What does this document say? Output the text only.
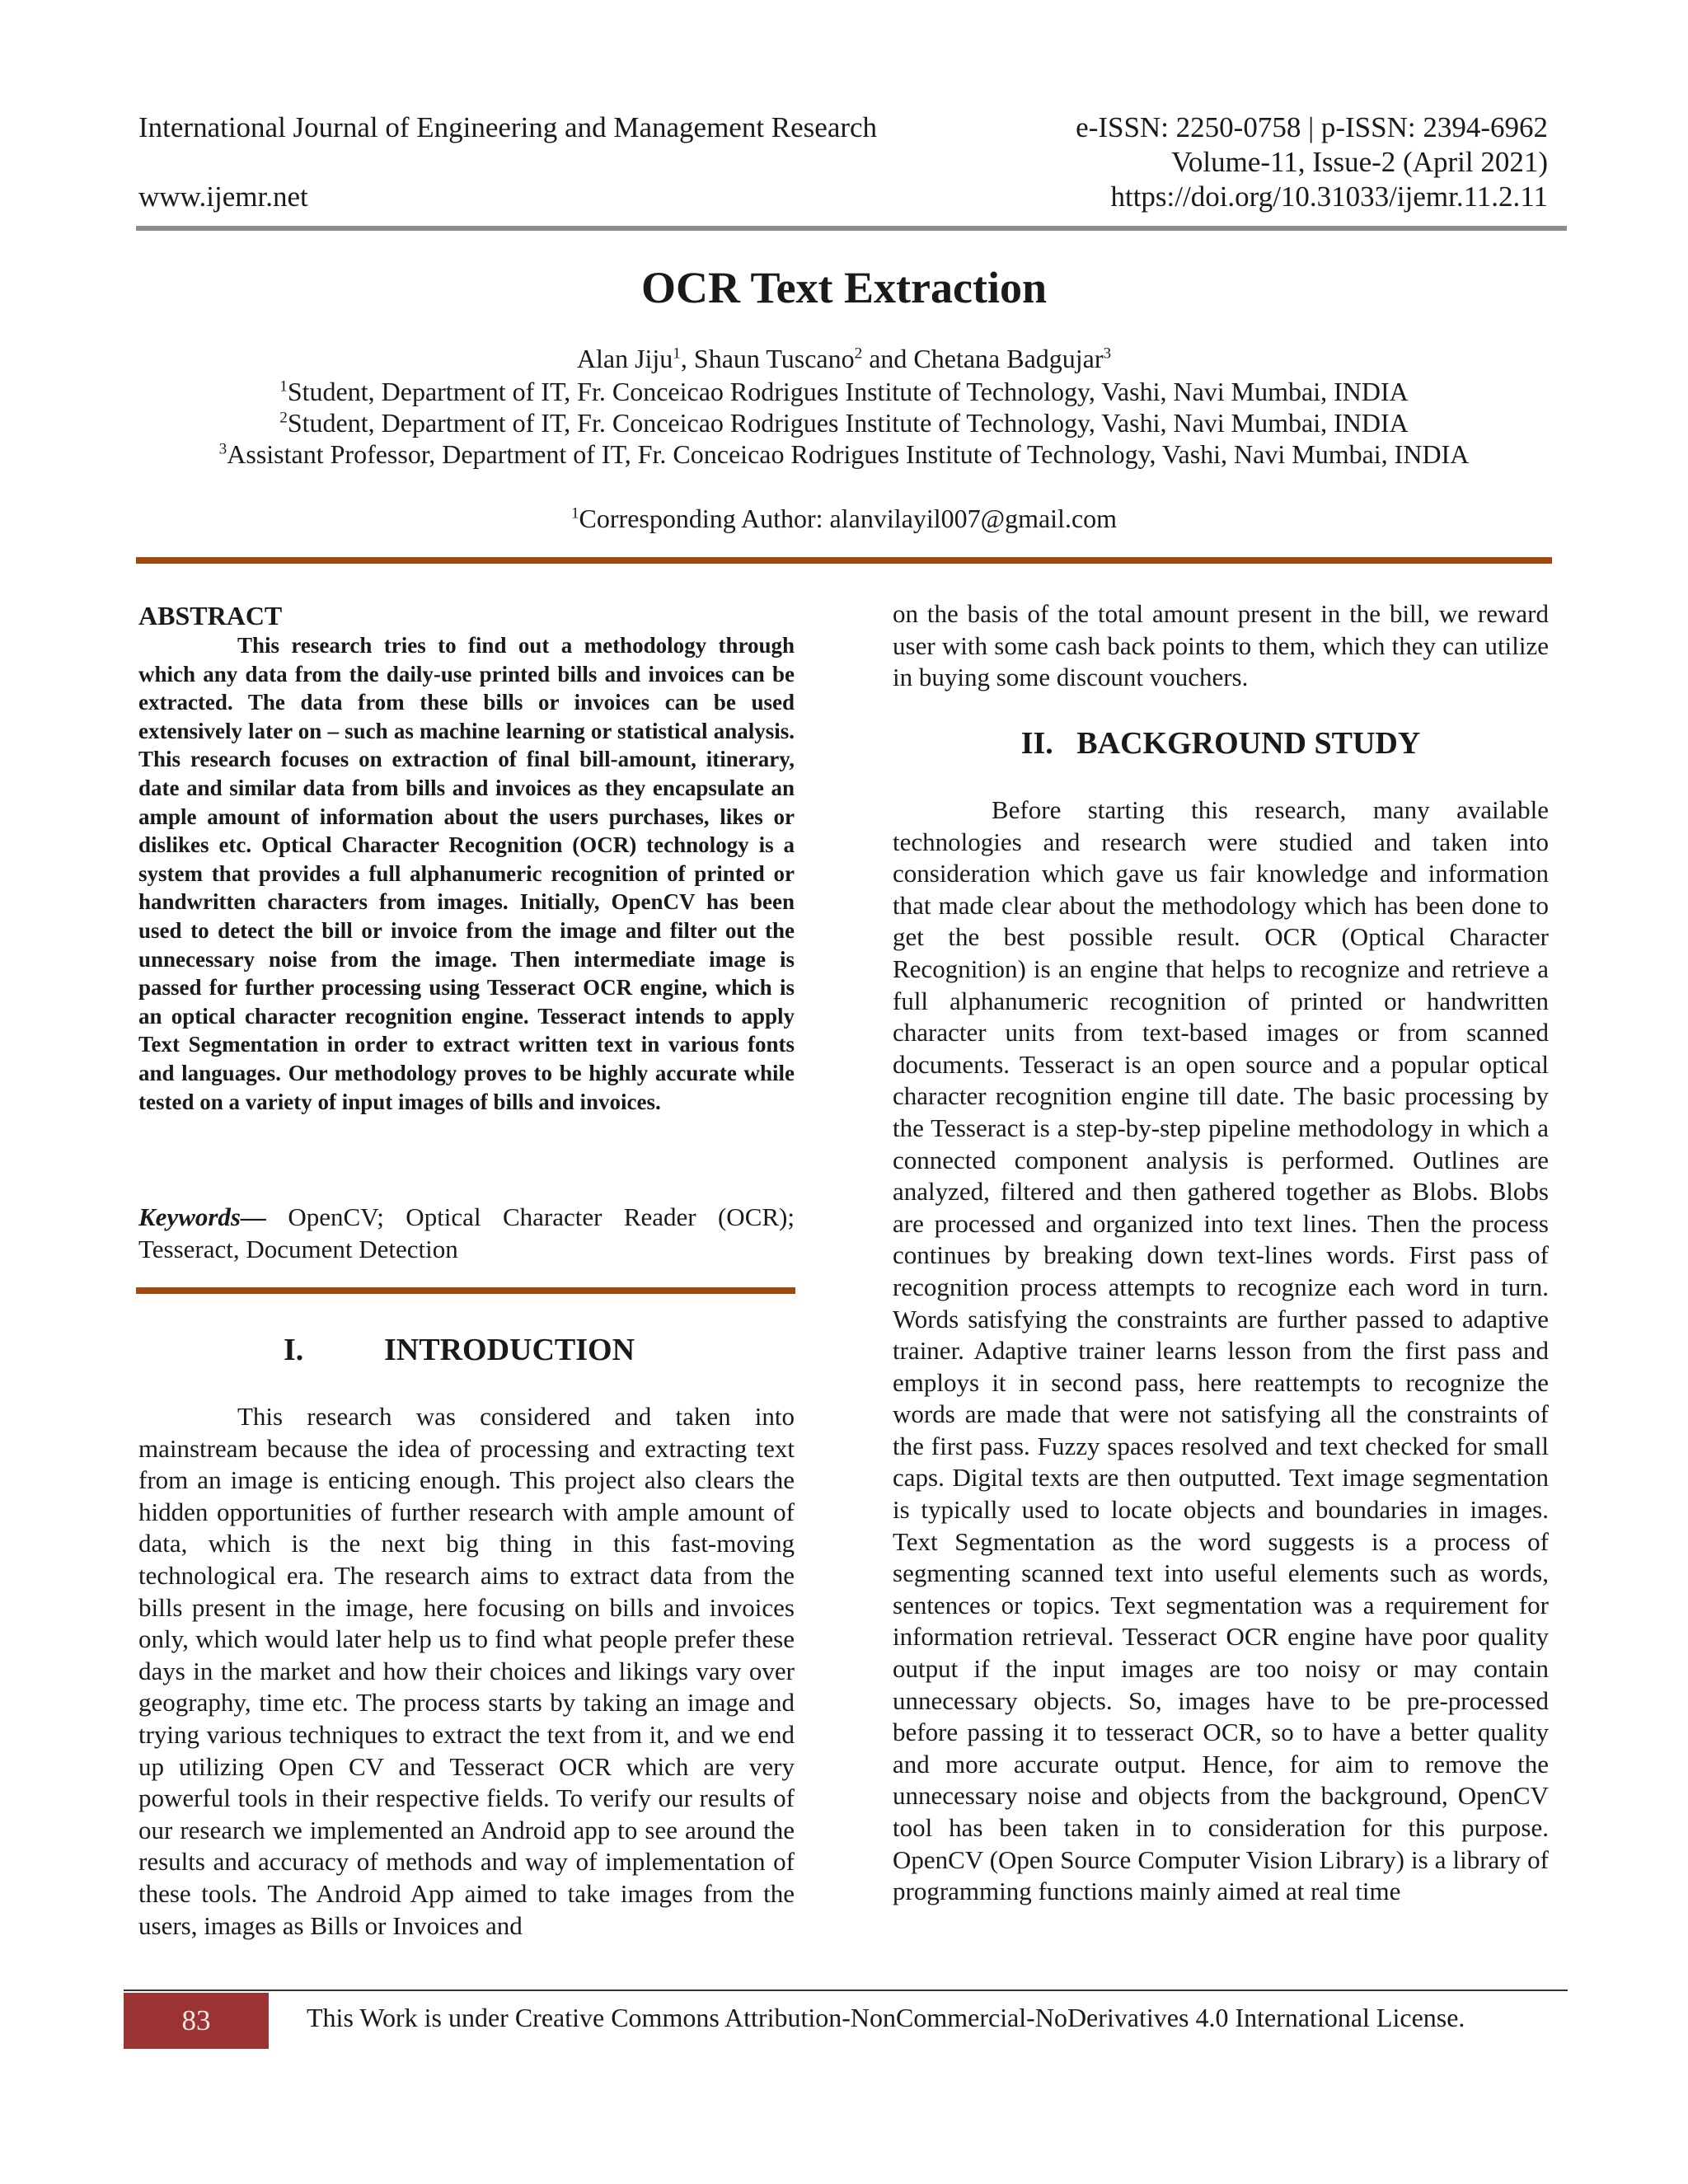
International Journal of Engineering and Management Research	e-ISSN: 2250-0758 | p-ISSN: 2394-6962
Volume-11, Issue-2 (April 2021)
www.ijemr.net	https://doi.org/10.31033/ijemr.11.2.11
OCR Text Extraction
Alan Jiju$^1$, Shaun Tuscano$^2$ and Chetana Badgujar$^3$
$^1$Student, Department of IT, Fr. Conceicao Rodrigues Institute of Technology, Vashi, Navi Mumbai, INDIA
$^2$Student, Department of IT, Fr. Conceicao Rodrigues Institute of Technology, Vashi, Navi Mumbai, INDIA
$^3$Assistant Professor, Department of IT, Fr. Conceicao Rodrigues Institute of Technology, Vashi, Navi Mumbai, INDIA
$^1$Corresponding Author: alanvilayil007@gmail.com
ABSTRACT

This research tries to find out a methodology through which any data from the daily-use printed bills and invoices can be extracted. The data from these bills or invoices can be used extensively later on – such as machine learning or statistical analysis. This research focuses on extraction of final bill-amount, itinerary, date and similar data from bills and invoices as they encapsulate an ample amount of information about the users purchases, likes or dislikes etc. Optical Character Recognition (OCR) technology is a system that provides a full alphanumeric recognition of printed or handwritten characters from images. Initially, OpenCV has been used to detect the bill or invoice from the image and filter out the unnecessary noise from the image. Then intermediate image is passed for further processing using Tesseract OCR engine, which is an optical character recognition engine. Tesseract intends to apply Text Segmentation in order to extract written text in various fonts and languages. Our methodology proves to be highly accurate while tested on a variety of input images of bills and invoices.

Keywords— OpenCV; Optical Character Reader (OCR); Tesseract, Document Detection

I.	INTRODUCTION

This research was considered and taken into mainstream because the idea of processing and extracting text from an image is enticing enough. This project also clears the hidden opportunities of further research with ample amount of data, which is the next big thing in this fast-moving technological era. The research aims to extract data from the bills present in the image, here focusing on bills and invoices only, which would later help us to find what people prefer these days in the market and how their choices and likings vary over geography, time etc. The process starts by taking an image and trying various techniques to extract the text from it, and we end up utilizing Open CV and Tesseract OCR which are very powerful tools in their respective fields. To verify our results of our research we implemented an Android app to see around the results and accuracy of methods and way of implementation of these tools. The Android App aimed to take images from the users, images as Bills or Invoices and

on the basis of the total amount present in the bill, we reward user with some cash back points to them, which they can utilize in buying some discount vouchers.

II.   BACKGROUND STUDY

Before starting this research, many available technologies and research were studied and taken into consideration which gave us fair knowledge and information that made clear about the methodology which has been done to get the best possible result. OCR (Optical Character Recognition) is an engine that helps to recognize and retrieve a full alphanumeric recognition of printed or handwritten character units from text-based images or from scanned documents. Tesseract is an open source and a popular optical character recognition engine till date. The basic processing by the Tesseract is a step-by-step pipeline methodology in which a connected component analysis is performed. Outlines are analyzed, filtered and then gathered together as Blobs. Blobs are processed and organized into text lines. Then the process continues by breaking down text-lines words. First pass of recognition process attempts to recognize each word in turn. Words satisfying the constraints are further passed to adaptive trainer. Adaptive trainer learns lesson from the first pass and employs it in second pass, here reattempts to recognize the words are made that were not satisfying all the constraints of the first pass. Fuzzy spaces resolved and text checked for small caps. Digital texts are then outputted. Text image segmentation is typically used to locate objects and boundaries in images. Text Segmentation as the word suggests is a process of segmenting scanned text into useful elements such as words, sentences or topics. Text segmentation was a requirement for information retrieval. Tesseract OCR engine have poor quality output if the input images are too noisy or may contain unnecessary objects. So, images have to be pre-processed before passing it to tesseract OCR, so to have a better quality and more accurate output. Hence, for aim to remove the unnecessary noise and objects from the background, OpenCV tool has been taken in to consideration for this purpose. OpenCV (Open Source Computer Vision Library) is a library of programming functions mainly aimed at real time

83	This Work is under Creative Commons Attribution-NonCommercial-NoDerivatives 4.0 International License.
